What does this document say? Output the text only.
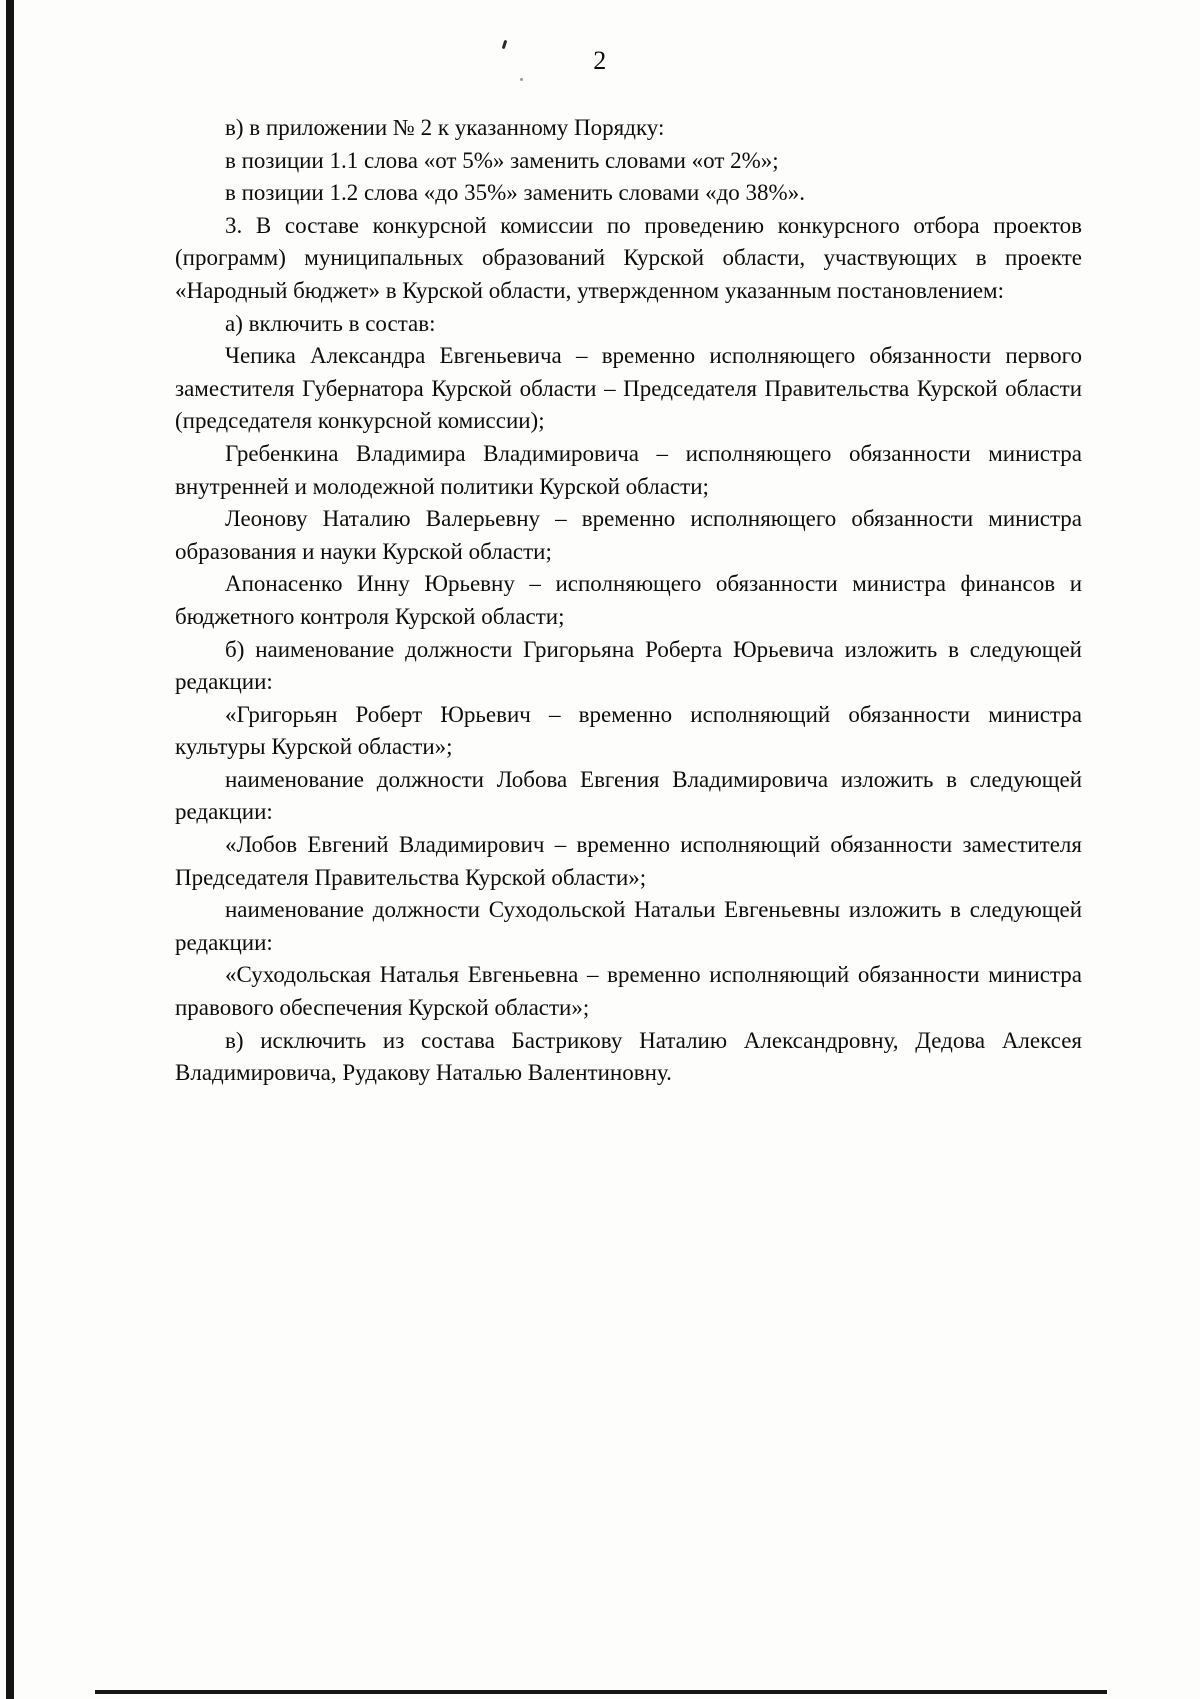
2

в) в приложении № 2 к указанному Порядку:

в позиции 1.1 слова «от 5%» заменить словами «от 2%»;

в позиции 1.2 слова «до 35%» заменить словами «до 38%».

3. В составе конкурсной комиссии по проведению конкурсного отбора проектов (программ) муниципальных образований Курской области, участвующих в проекте «Народный бюджет» в Курской области, утвержденном указанным постановлением:

а) включить в состав:

Чепика Александра Евгеньевича – временно исполняющего обязанности первого заместителя Губернатора Курской области – Председателя Правительства Курской области (председателя конкурсной комиссии);

Гребенкина Владимира Владимировича – исполняющего обязанности министра внутренней и молодежной политики Курской области;

Леонову Наталию Валерьевну – временно исполняющего обязанности министра образования и науки Курской области;

Апонасенко Инну Юрьевну – исполняющего обязанности министра финансов и бюджетного контроля Курской области;

б) наименование должности Григорьяна Роберта Юрьевича изложить в следующей редакции:

«Григорьян Роберт Юрьевич – временно исполняющий обязанности министра культуры Курской области»;

наименование должности Лобова Евгения Владимировича изложить в следующей редакции:

«Лобов Евгений Владимирович – временно исполняющий обязанности заместителя Председателя Правительства Курской области»;

наименование должности Суходольской Натальи Евгеньевны изложить в следующей редакции:

«Суходольская Наталья Евгеньевна – временно исполняющий обязанности министра правового обеспечения Курской области»;

в) исключить из состава Бастрикову Наталию Александровну, Дедова Алексея Владимировича, Рудакову Наталью Валентиновну.
